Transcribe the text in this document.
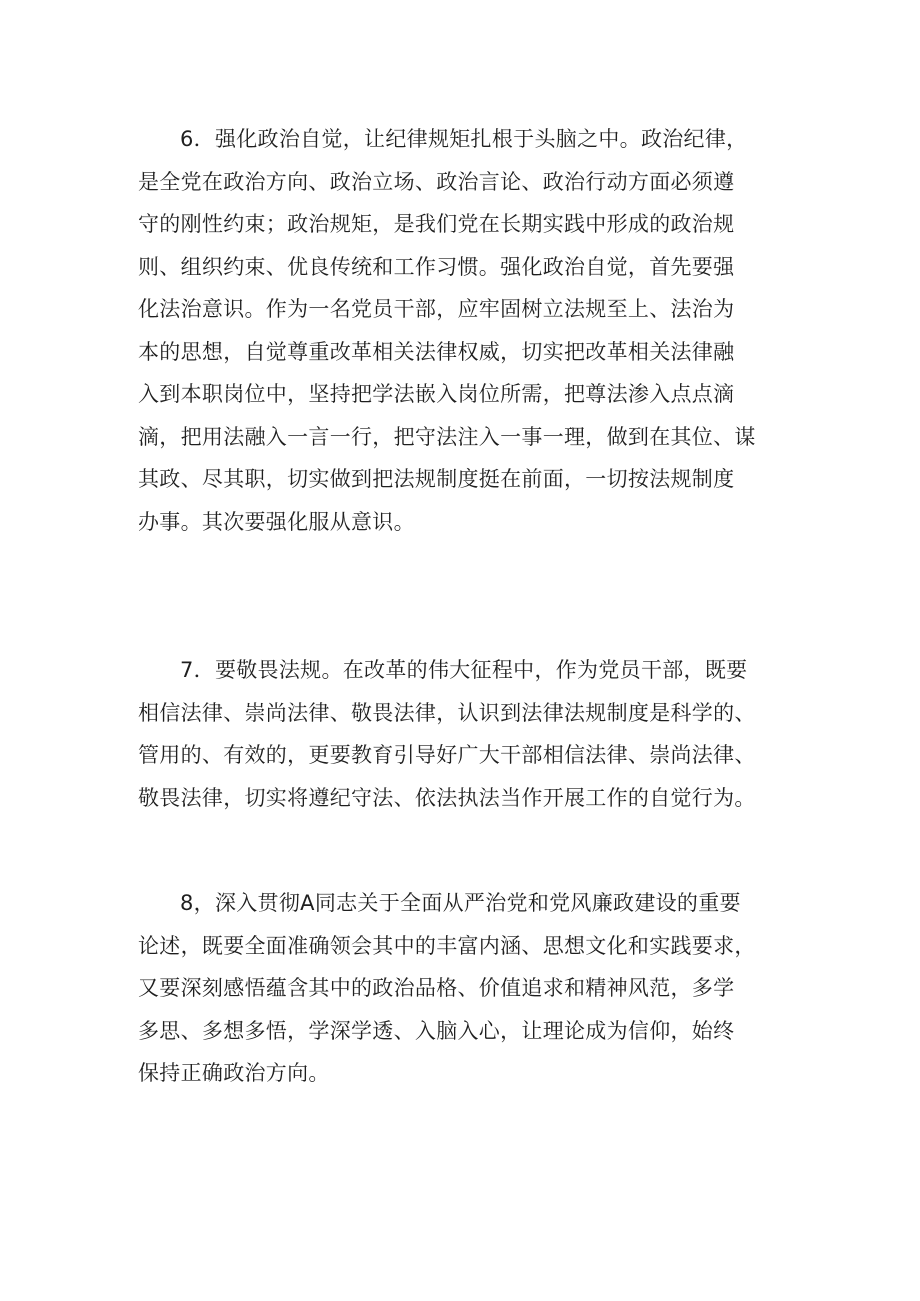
6．强化政治自觉，让纪律规矩扎根于头脑之中。政治纪律，
是全党在政治方向、政治立场、政治言论、政治行动方面必须遵
守的刚性约束；政治规矩，是我们党在长期实践中形成的政治规
则、组织约束、优良传统和工作习惯。强化政治自觉，首先要强
化法治意识。作为一名党员干部，应牢固树立法规至上、法治为
本的思想，自觉尊重改革相关法律权威，切实把改革相关法律融
入到本职岗位中，坚持把学法嵌入岗位所需，把尊法渗入点点滴
滴，把用法融入一言一行，把守法注入一事一理，做到在其位、谋
其政、尽其职，切实做到把法规制度挺在前面，一切按法规制度
办事。其次要强化服从意识。
7．要敬畏法规。在改革的伟大征程中，作为党员干部，既要
相信法律、崇尚法律、敬畏法律，认识到法律法规制度是科学的、
管用的、有效的，更要教育引导好广大干部相信法律、崇尚法律、
敬畏法律，切实将遵纪守法、依法执法当作开展工作的自觉行为。
8，深入贯彻A同志关于全面从严治党和党风廉政建设的重要
论述，既要全面准确领会其中的丰富内涵、思想文化和实践要求，
又要深刻感悟蕴含其中的政治品格、价值追求和精神风范，多学
多思、多想多悟，学深学透、入脑入心，让理论成为信仰，始终
保持正确政治方向。
